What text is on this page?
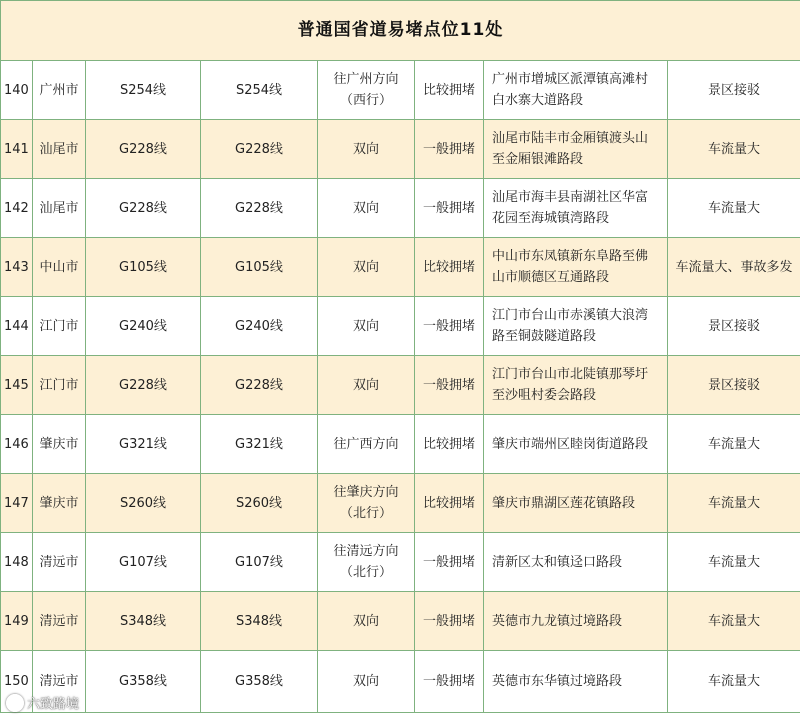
普通国省道易堵点位11处							
140	广州市	S254线	S254线	往广州方向（西行）	比较拥堵	广州市增城区派潭镇高滩村白水寨大道路段	景区接驳
141	汕尾市	G228线	G228线	双向	一般拥堵	汕尾市陆丰市金厢镇渡头山至金厢银滩路段	车流量大
142	汕尾市	G228线	G228线	双向	一般拥堵	汕尾市海丰县南湖社区华富花园至海城镇湾路段	车流量大
143	中山市	G105线	G105线	双向	比较拥堵	中山市东凤镇新东阜路至佛山市顺德区互通路段	车流量大、事故多发
144	江门市	G240线	G240线	双向	一般拥堵	江门市台山市赤溪镇大浪湾路至铜鼓隧道路段	景区接驳
145	江门市	G228线	G228线	双向	一般拥堵	江门市台山市北陡镇那琴圩至沙咀村委会路段	景区接驳
146	肇庆市	G321线	G321线	往广西方向	比较拥堵	肇庆市端州区睦岗街道路段	车流量大
147	肇庆市	S260线	S260线	往肇庆方向（北行）	比较拥堵	肇庆市鼎湖区莲花镇路段	车流量大
148	清远市	G107线	G107线	往清远方向（北行）	一般拥堵	清新区太和镇迳口路段	车流量大
149	清远市	S348线	S348线	双向	一般拥堵	英德市九龙镇过境路段	车流量大
150	清远市	G358线	G358线	双向	一般拥堵	英德市东华镇过境路段	车流量大
六致路境
